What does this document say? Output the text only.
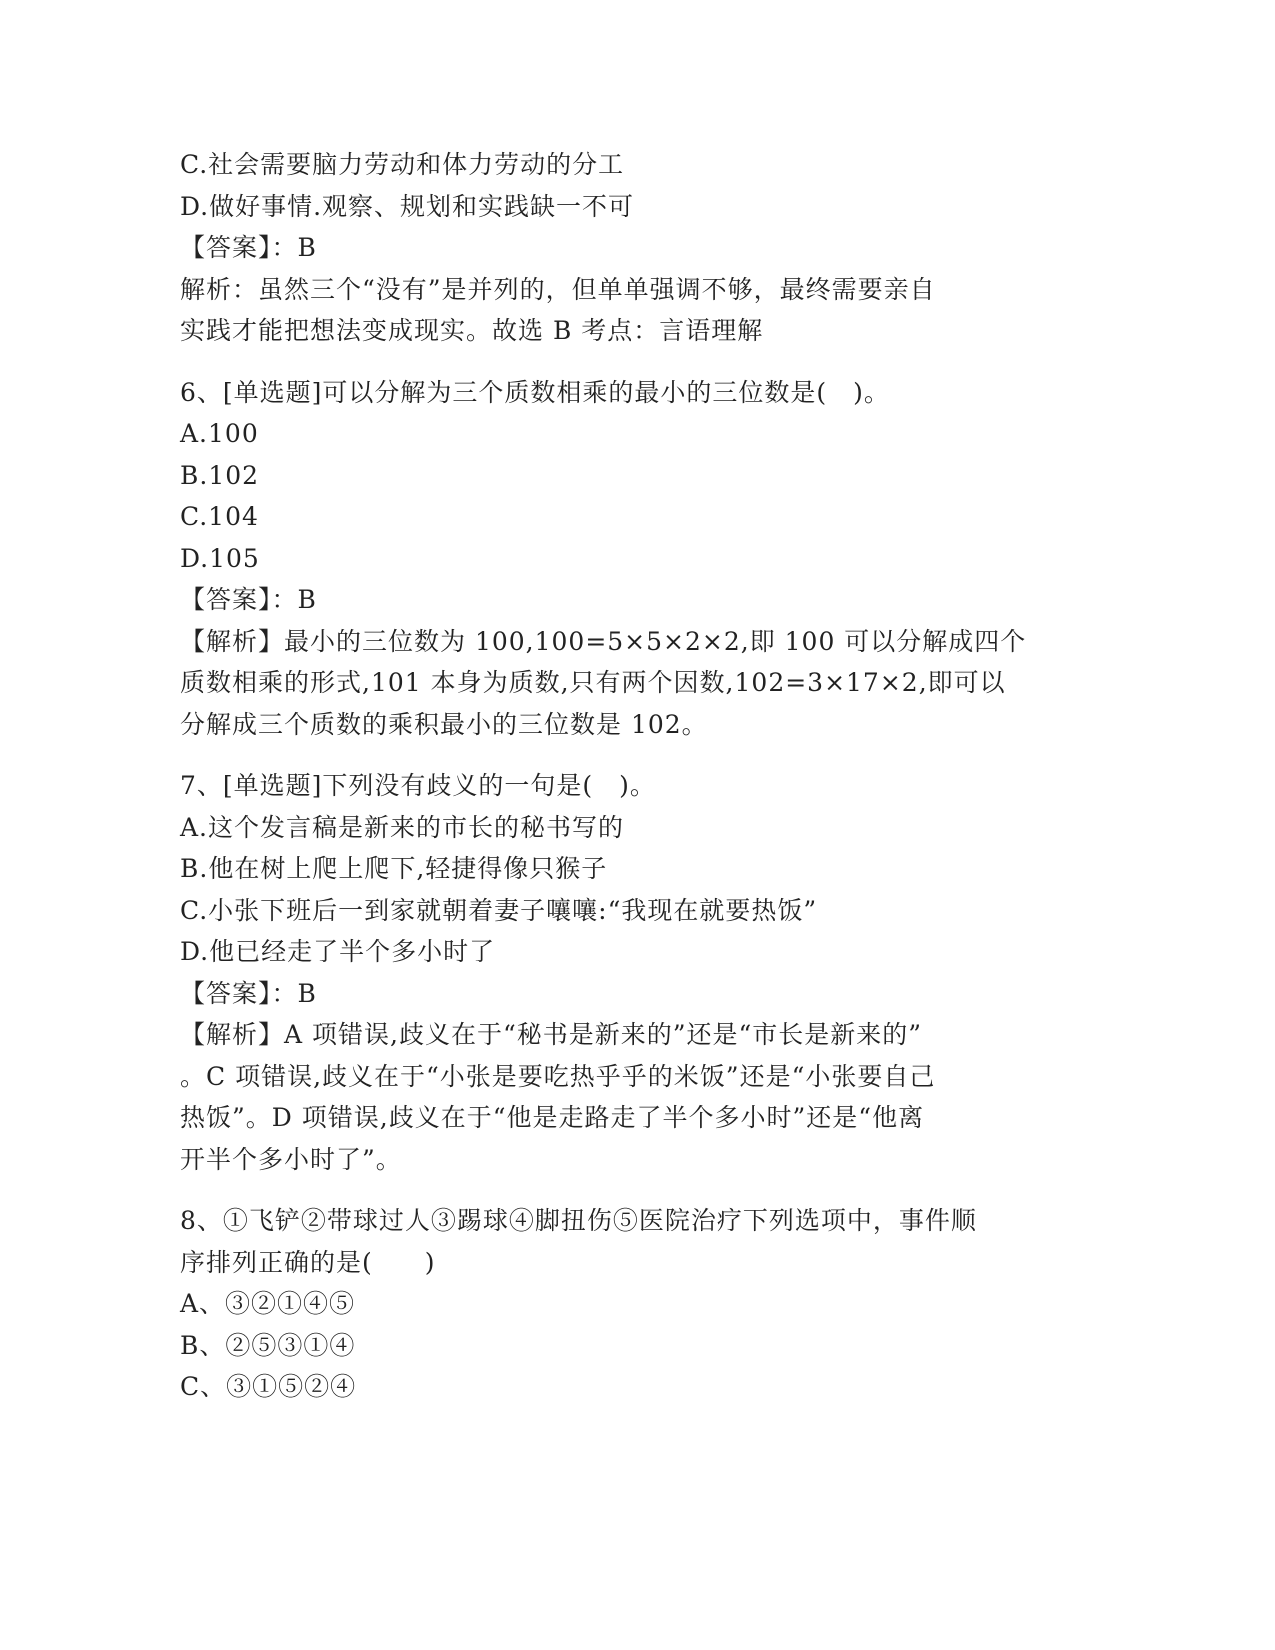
C.社会需要脑力劳动和体力劳动的分工
D.做好事情.观察、规划和实践缺一不可
【答案】：B
解析：虽然三个“没有”是并列的，但单单强调不够，最终需要亲自
实践才能把想法变成现实。故选 B 考点：言语理解
6、[单选题]可以分解为三个质数相乘的最小的三位数是(　)。
A.100
B.102
C.104
D.105
【答案】：B
【解析】最小的三位数为 100,100=5×5×2×2,即 100 可以分解成四个
质数相乘的形式,101 本身为质数,只有两个因数,102=3×17×2,即可以
分解成三个质数的乘积最小的三位数是 102。
7、[单选题]下列没有歧义的一句是(　)。
A.这个发言稿是新来的市长的秘书写的
B.他在树上爬上爬下,轻捷得像只猴子
C.小张下班后一到家就朝着妻子嚷嚷:“我现在就要热饭”
D.他已经走了半个多小时了
【答案】：B
【解析】A 项错误,歧义在于“秘书是新来的”还是“市长是新来的”
。C 项错误,歧义在于“小张是要吃热乎乎的米饭”还是“小张要自己
热饭”。D 项错误,歧义在于“他是走路走了半个多小时”还是“他离
开半个多小时了”。
8、①飞铲②带球过人③踢球④脚扭伤⑤医院治疗下列选项中，事件顺
序排列正确的是(　　)
A、③②①④⑤
B、②⑤③①④
C、③①⑤②④
